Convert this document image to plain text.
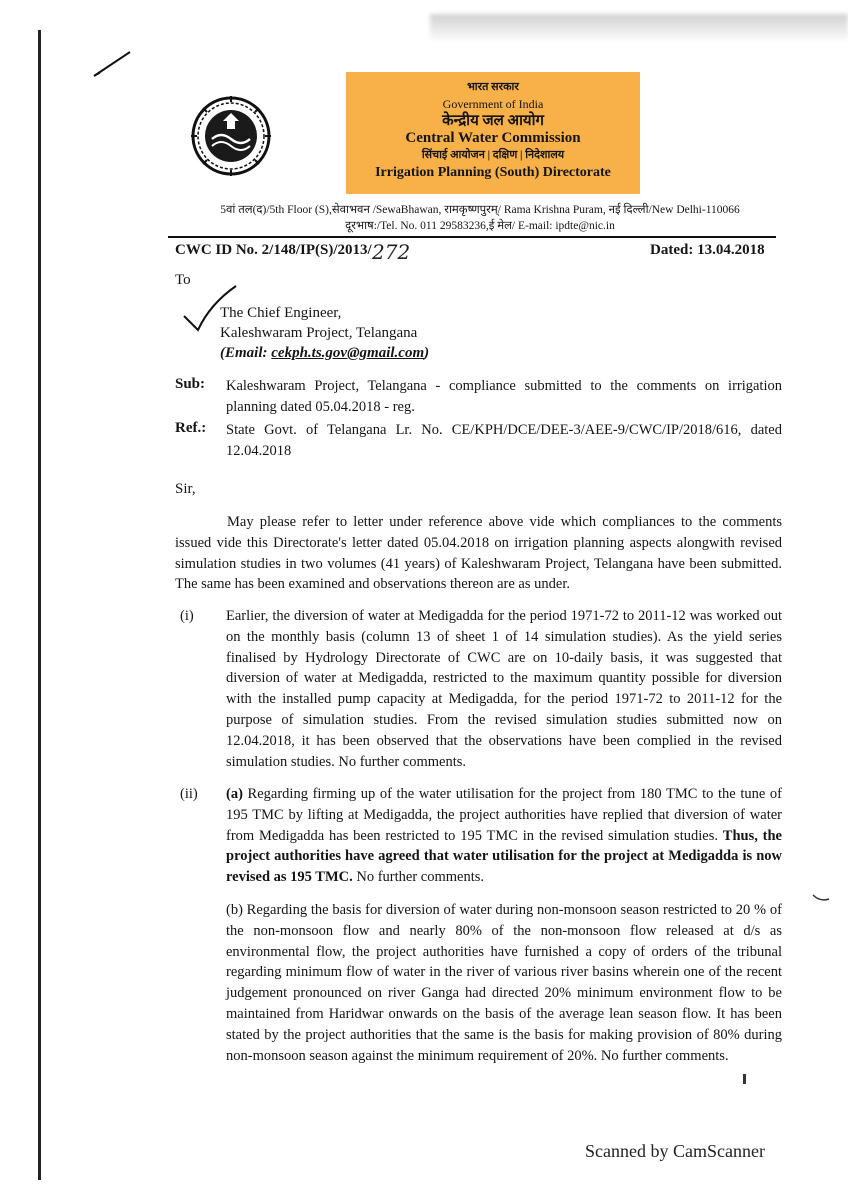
भारत सरकार
Government of India
केन्द्रीय जल आयोग
Central Water Commission
सिंचाई आयोजन | दक्षिण | निदेशालय
Irrigation Planning (South) Directorate
5वां तल(द)/5th Floor (S),सेवाभवन /SewaBhawan, रामकृष्णपुरम्/ Rama Krishna Puram, नई दिल्ली/New Delhi-110066
दूरभाष:/Tel. No. 011 29583236,ई मेल/ E-mail: ipdte@nic.in
CWC ID No. 2/148/IP(S)/2013/ 272	Dated: 13.04.2018
To
The Chief Engineer,
Kaleshwaram Project, Telangana
(Email: cekph.ts.gov@gmail.com)
Sub: Kaleshwaram Project, Telangana - compliance submitted to the comments on irrigation planning dated 05.04.2018 - reg.
Ref.: State Govt. of Telangana Lr. No. CE/KPH/DCE/DEE-3/AEE-9/CWC/IP/2018/616, dated 12.04.2018
Sir,
May please refer to letter under reference above vide which compliances to the comments issued vide this Directorate's letter dated 05.04.2018 on irrigation planning aspects alongwith revised simulation studies in two volumes (41 years) of Kaleshwaram Project, Telangana have been submitted. The same has been examined and observations thereon are as under.
(i) Earlier, the diversion of water at Medigadda for the period 1971-72 to 2011-12 was worked out on the monthly basis (column 13 of sheet 1 of 14 simulation studies). As the yield series finalised by Hydrology Directorate of CWC are on 10-daily basis, it was suggested that diversion of water at Medigadda, restricted to the maximum quantity possible for diversion with the installed pump capacity at Medigadda, for the period 1971-72 to 2011-12 for the purpose of simulation studies. From the revised simulation studies submitted now on 12.04.2018, it has been observed that the observations have been complied in the revised simulation studies. No further comments.
(ii) (a) Regarding firming up of the water utilisation for the project from 180 TMC to the tune of 195 TMC by lifting at Medigadda, the project authorities have replied that diversion of water from Medigadda has been restricted to 195 TMC in the revised simulation studies. Thus, the project authorities have agreed that water utilisation for the project at Medigadda is now revised as 195 TMC. No further comments.
(b) Regarding the basis for diversion of water during non-monsoon season restricted to 20 % of the non-monsoon flow and nearly 80% of the non-monsoon flow released at d/s as environmental flow, the project authorities have furnished a copy of orders of the tribunal regarding minimum flow of water in the river of various river basins wherein one of the recent judgement pronounced on river Ganga had directed 20% minimum environment flow to be maintained from Haridwar onwards on the basis of the average lean season flow. It has been stated by the project authorities that the same is the basis for making provision of 80% during non-monsoon season against the minimum requirement of 20%. No further comments.
Scanned by CamScanner
